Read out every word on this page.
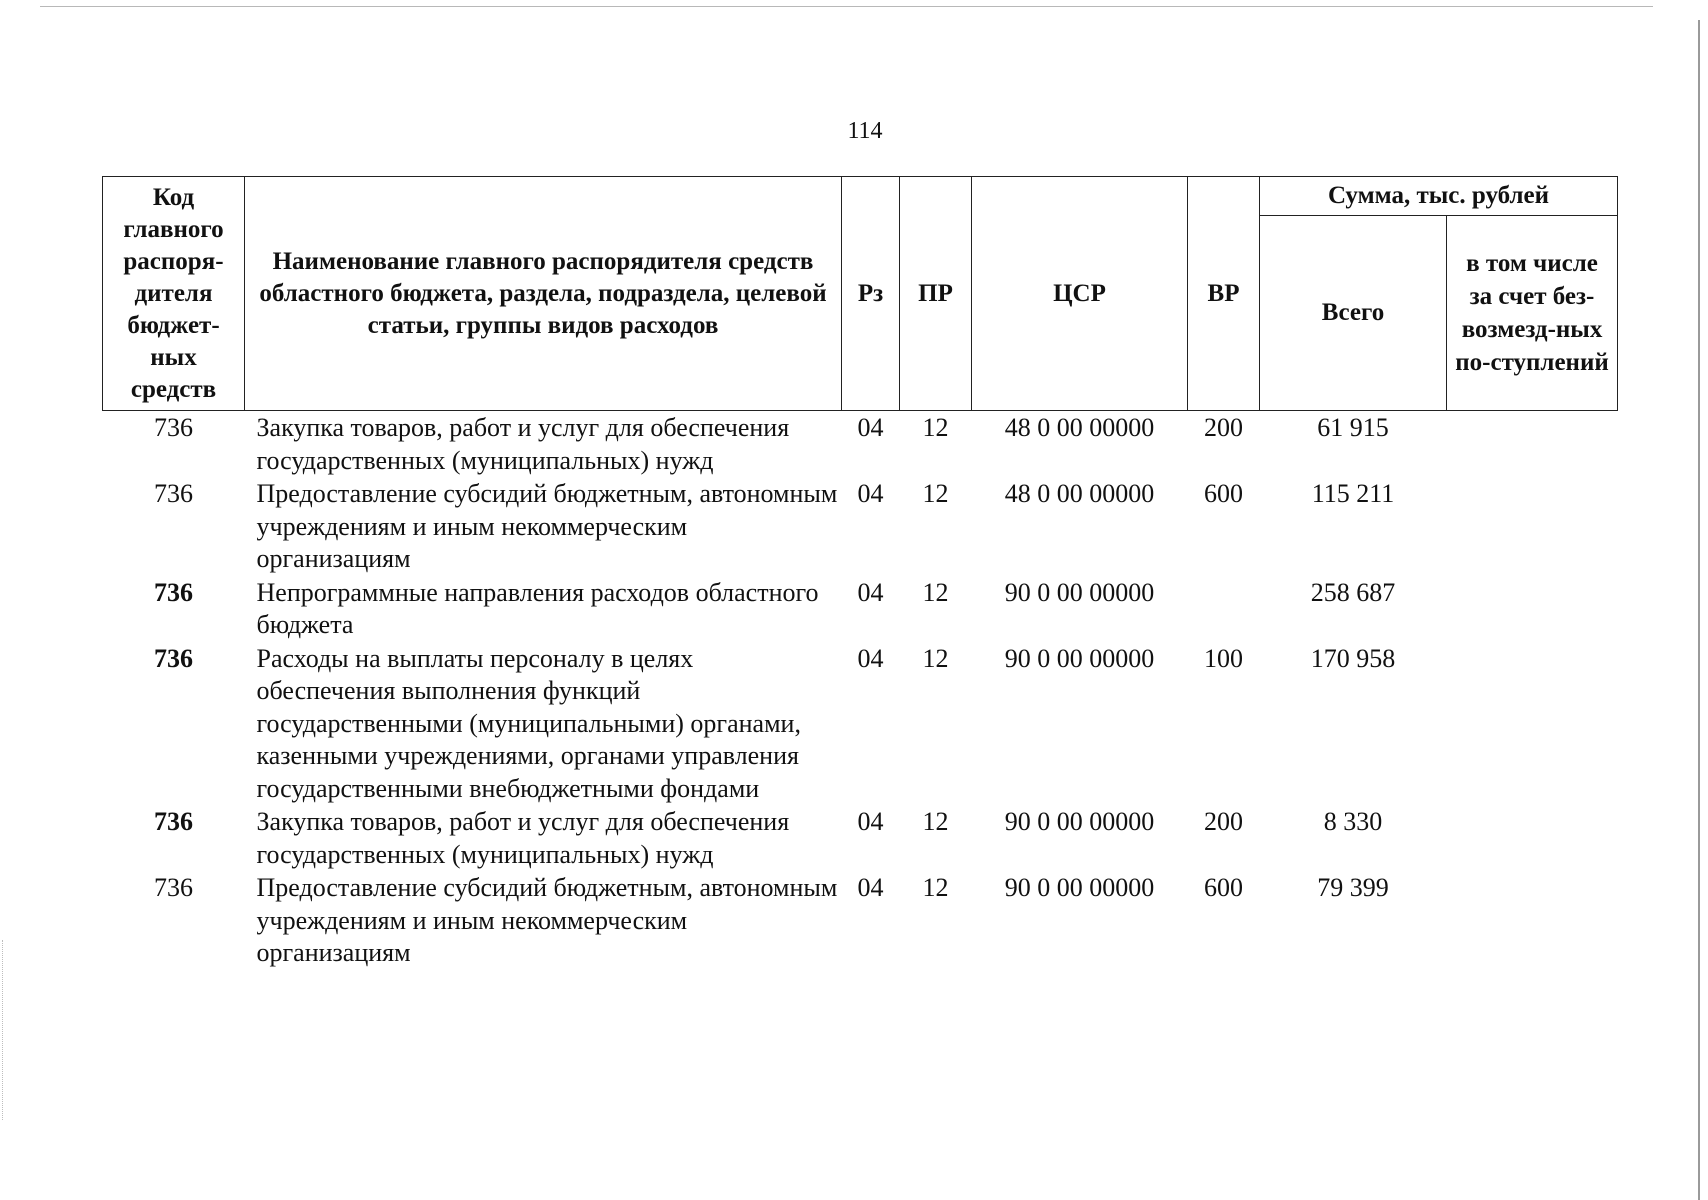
114
Код главного распоря-дителя бюджет-ных средств	Наименование главного распорядителя средств областного бюджета, раздела, подраздела, целевой статьи, группы видов расходов	Рз	ПР	ЦСР	ВР	Сумма, тыс. рублей	
						Всего	в том числе за счет без-возмезд-ных по-ступлений
736	Закупка товаров, работ и услуг для обеспечения государственных (муниципальных) нужд	04	12	48 0 00 00000	200	61 915	
736	Предоставление субсидий бюджетным, автономным учреждениям и иным некоммерческим организациям	04	12	48 0 00 00000	600	115 211	
736	Непрограммные направления расходов областного бюджета	04	12	90 0 00 00000		258 687	
736	Расходы на выплаты персоналу в целях обеспечения выполнения функций государственными (муниципальными) органами, казенными учреждениями, органами управления государственными внебюджетными фондами	04	12	90 0 00 00000	100	170 958	
736	Закупка товаров, работ и услуг для обеспечения государственных (муниципальных) нужд	04	12	90 0 00 00000	200	8 330	
736	Предоставление субсидий бюджетным, автономным учреждениям и иным некоммерческим организациям	04	12	90 0 00 00000	600	79 399	
